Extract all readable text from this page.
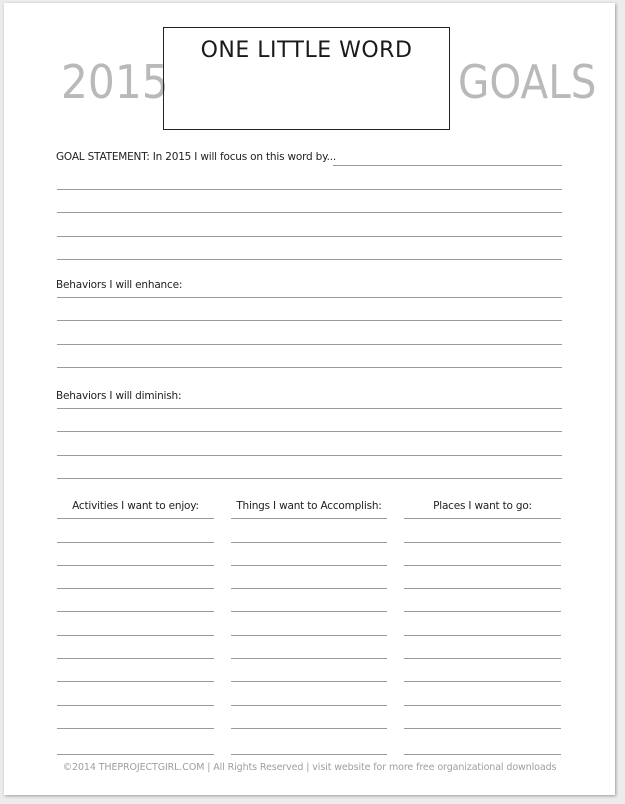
2015
ONE LITTLE WORD
GOALS
GOAL STATEMENT: In 2015 I will focus on this word by...
Behaviors I will enhance:
Behaviors I will diminish:
Activities I want to enjoy:	Things I want to Accomplish:	Places I want to go:
©2014 THEPROJECTGIRL.COM | All Rights Reserved | visit website for more free organizational downloads
